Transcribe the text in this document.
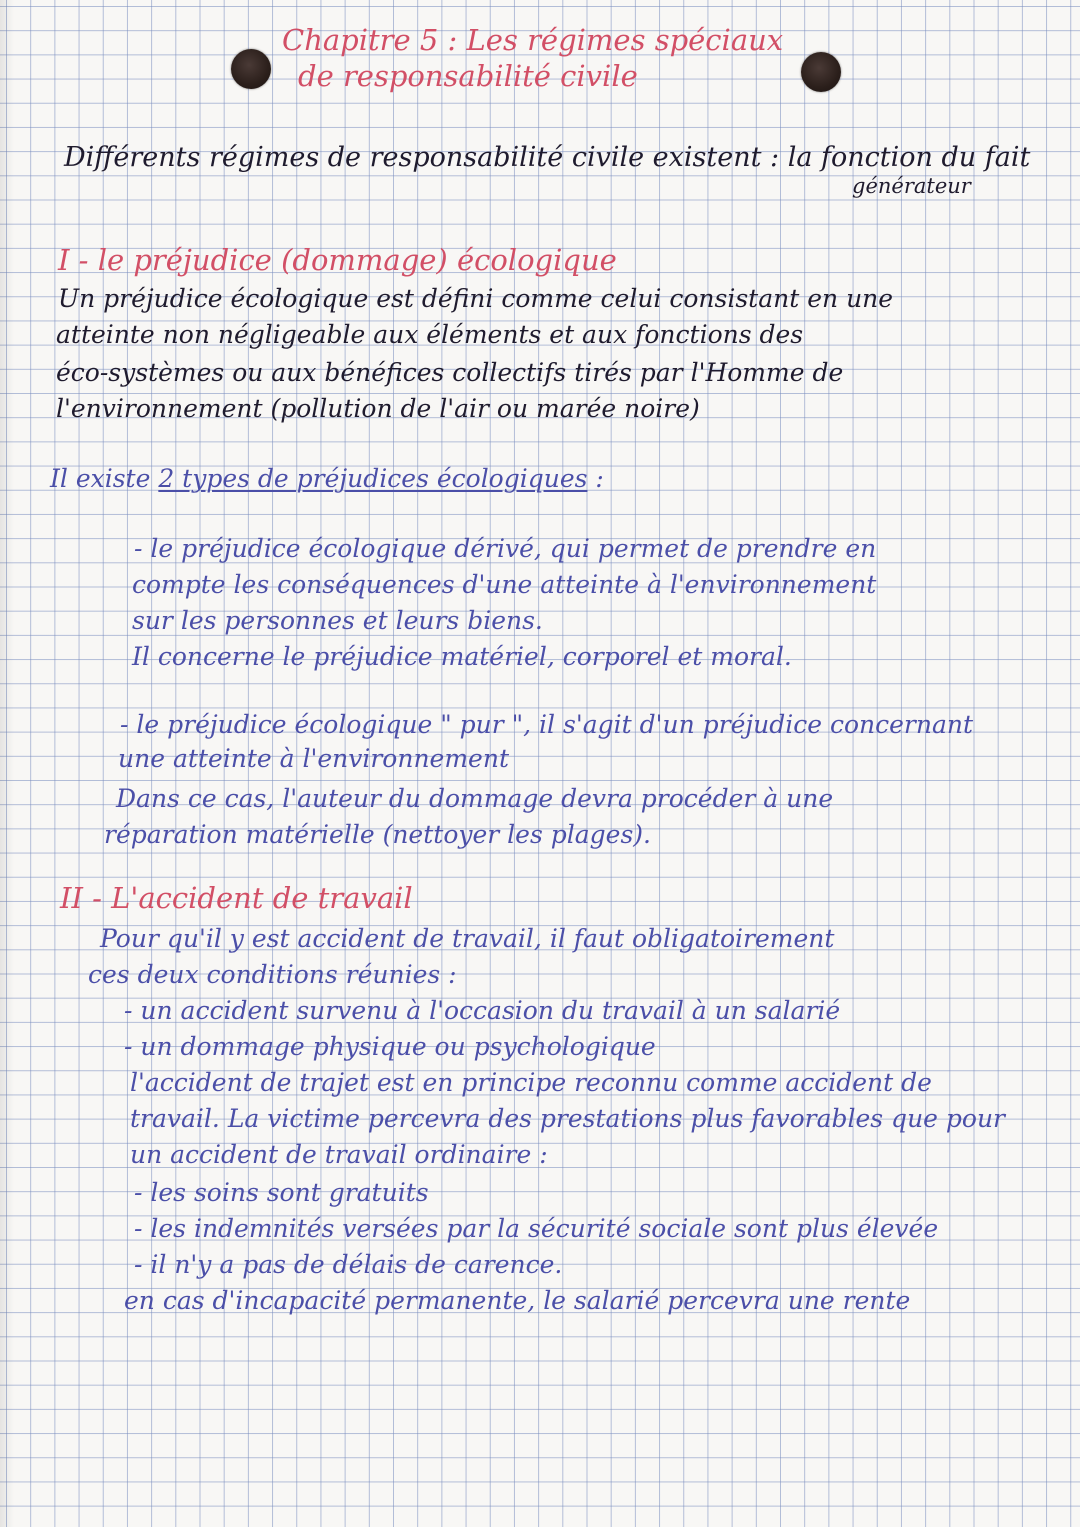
Chapitre 5 : Les régimes spéciaux

de responsabilité civile

Différents régimes de responsabilité civile existent : la fonction du fait

générateur

I - le préjudice (dommage) écologique

Un préjudice écologique est défini comme celui consistant en une

atteinte non négligeable aux éléments et aux fonctions des

éco-systèmes ou aux bénéfices collectifs tirés par l'Homme de

l'environnement (pollution de l'air ou marée noire)

Il existe 2 types de préjudices écologiques :

- le préjudice écologique dérivé, qui permet de prendre en

compte les conséquences d'une atteinte à l'environnement

sur les personnes et leurs biens.

Il concerne le préjudice matériel, corporel et moral.

- le préjudice écologique " pur ", il s'agit d'un préjudice concernant

une atteinte à l'environnement

Dans ce cas, l'auteur du dommage devra procéder à une

réparation matérielle (nettoyer les plages).

II - L'accident de travail

Pour qu'il y est accident de travail, il faut obligatoirement

ces deux conditions réunies :

- un accident survenu à l'occasion du travail à un salarié

- un dommage physique ou psychologique

l'accident de trajet est en principe reconnu comme accident de

travail. La victime percevra des prestations plus favorables que pour

un accident de travail ordinaire :

- les soins sont gratuits

- les indemnités versées par la sécurité sociale sont plus élevée

- il n'y a pas de délais de carence.

en cas d'incapacité permanente, le salarié percevra une rente
